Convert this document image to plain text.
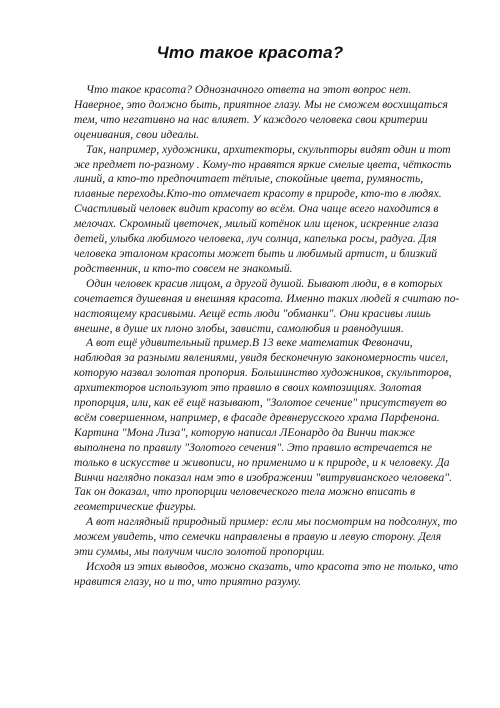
Что такое красота?

Что такое красота? Однозначного ответа на этот вопрос нет. Наверное, это должно быть, приятное глазу. Мы не сможем восхищаться тем, что негативно на нас влияет. У каждого человека свои критерии оценивания, свои идеалы.

Так, например, художники, архитекторы, скульпторы видят один и тот же предмет по-разному . Кому-то нравятся яркие смелые цвета, чёткость линий, а кто-то предпочитает тёплые, спокойные цвета, румяность, плавные переходы.Кто-то отмечает красоту в природе, кто-то в людях. Счастливый человек видит красоту во всём. Она чаще всего находится в мелочах. Скромный цветочек, милый котёнок или щенок, искренние глаза детей, улыбка любимого человека, луч солнца, капелька росы, радуга. Для человека эталоном красоты может быть и любимый артист, и близкий родственник, и кто-то совсем не знакомый.

Один человек красив лицом, а другой душой. Бывают люди, в в которых сочетается душевная и внешняя красота. Именно таких людей я считаю по-настоящему красивыми. Аещё есть люди "обманки". Они красивы лишь внешне, в душе их плоно злобы, зависти, самолюбия и равнодушия.

А вот ещё удивительный пример.В 13 веке математик Февоначи, наблюдая за разными явлениями, увидя бесконечную закономерность чисел, которую назвал золотая пропория. Большинство художников, скульпторов, архитекторов используют это правило в своих композициях. Золотая пропорция, или, как её ещё называют, "Золотое сечение" присутствует во всём совершенном, например, в фасаде древнерусского храма Парфенона. Картина "Мона Лиза", которую написал ЛЕонардо да Винчи также выполнена по правилу "Золотого сечения". Это правило встречается не только в искусстве и живописи, но применимо и к природе, и к человеку. Да Винчи наглядно показал нам это в изображении "витрувианского человека". Так он доказал, что пропорции человеческого тела можно вписать в геометрические фигуры.

А вот наглядный природный пример: если мы посмотрим на подсолнух, то можем увидеть, что семечки направлены в правую и левую сторону. Деля эти суммы, мы получим число золотой пропорции.

Исходя из этих выводов, можно сказать, что красота это не только, что нравится глазу, но и то, что приятно разуму.
